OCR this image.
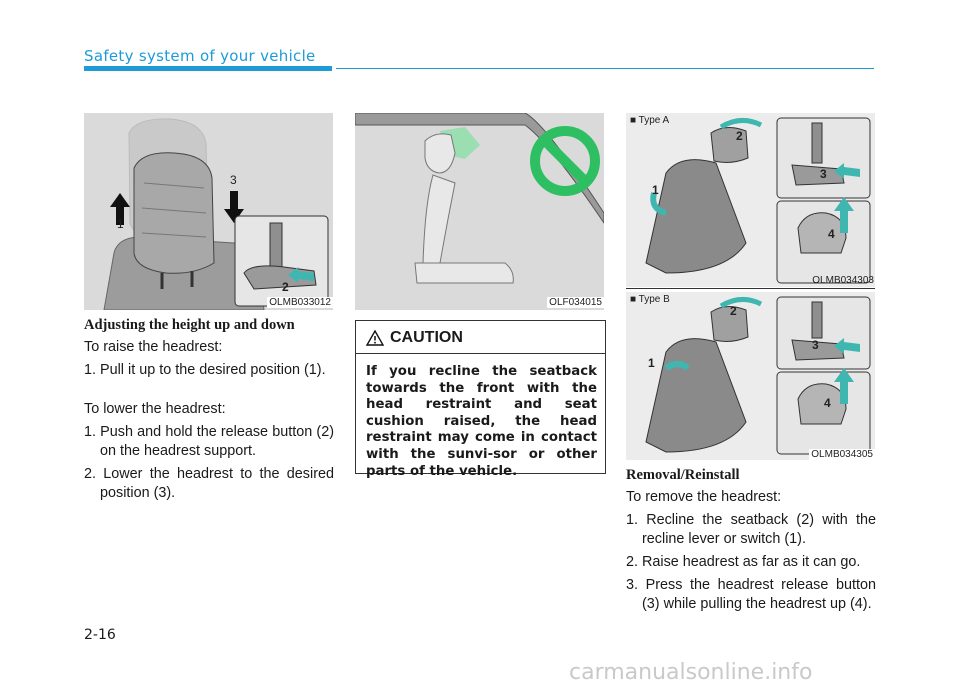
Safety system of your vehicle
1
3
2
OLMB033012	OLF034015
■ Type A
1
2
3
4
OLMB034303
■ Type B
1
2
3
4
OLMB034305
Adjusting the height up and down
To raise the headrest:
1. Pull it up to the desired position (1).
To lower the headrest:
1. Push and hold the release button (2) on the headrest support.
2. Lower the headrest to the desired position (3).
CAUTION
If you recline the seatback towards the front with the head restraint and seat cushion raised, the head restraint may come in contact with the sunvi-sor or other parts of the vehicle.	Removal/Reinstall
To remove the headrest:
1. Recline the seatback (2) with the recline lever or switch (1).
2. Raise headrest as far as it can go.
3. Press the headrest release button (3) while pulling the headrest up (4).
2-16
carmanualsonline.info
